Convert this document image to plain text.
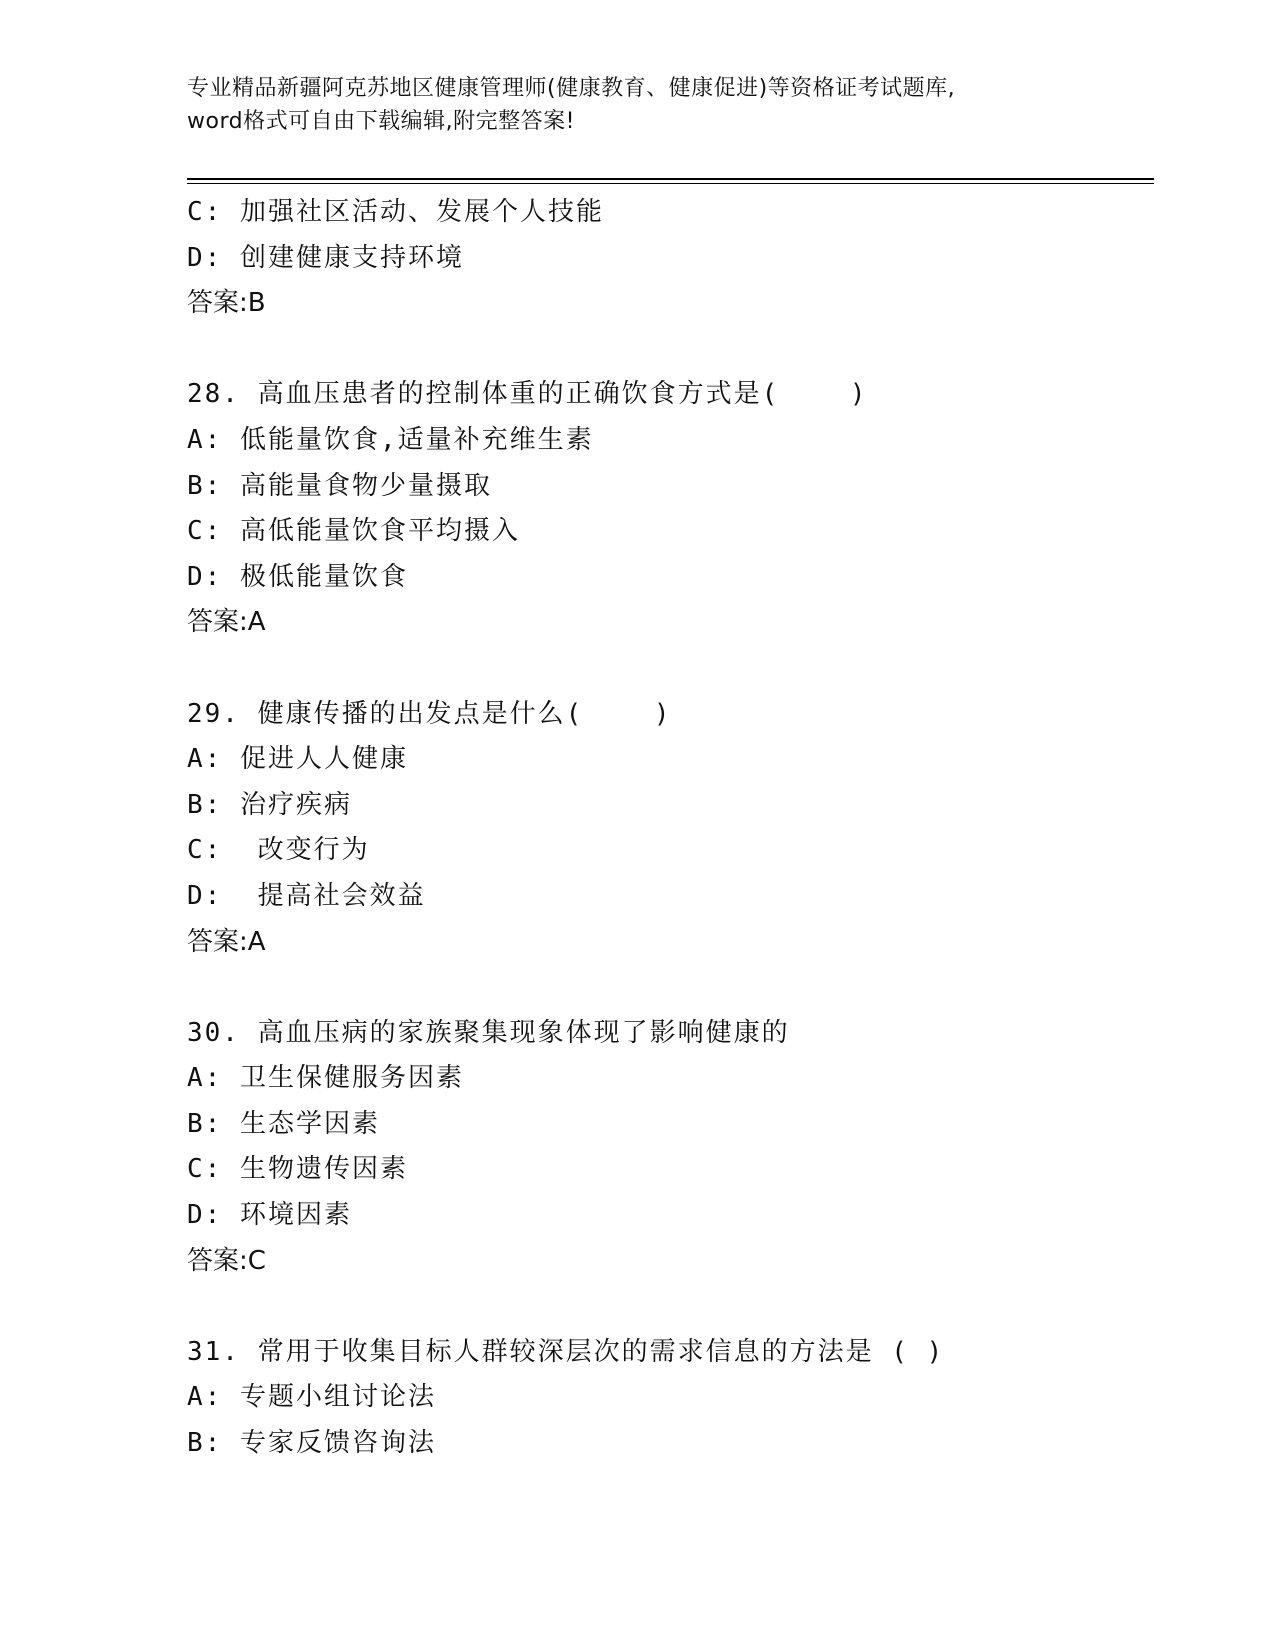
专业精品新疆阿克苏地区健康管理师(健康教育、健康促进)等资格证考试题库,
word格式可自由下载编辑,附完整答案!
C: 加强社区活动、发展个人技能
D: 创建健康支持环境
答案:B
28. 高血压患者的控制体重的正确饮食方式是(    )
A: 低能量饮食,适量补充维生素
B: 高能量食物少量摄取
C: 高低能量饮食平均摄入
D: 极低能量饮食
答案:A
29. 健康传播的出发点是什么(    )
A: 促进人人健康
B: 治疗疾病
C:  改变行为
D:  提高社会效益
答案:A
30. 高血压病的家族聚集现象体现了影响健康的
A: 卫生保健服务因素
B: 生态学因素
C: 生物遗传因素
D: 环境因素
答案:C
31. 常用于收集目标人群较深层次的需求信息的方法是 ( )
A: 专题小组讨论法
B: 专家反馈咨询法
